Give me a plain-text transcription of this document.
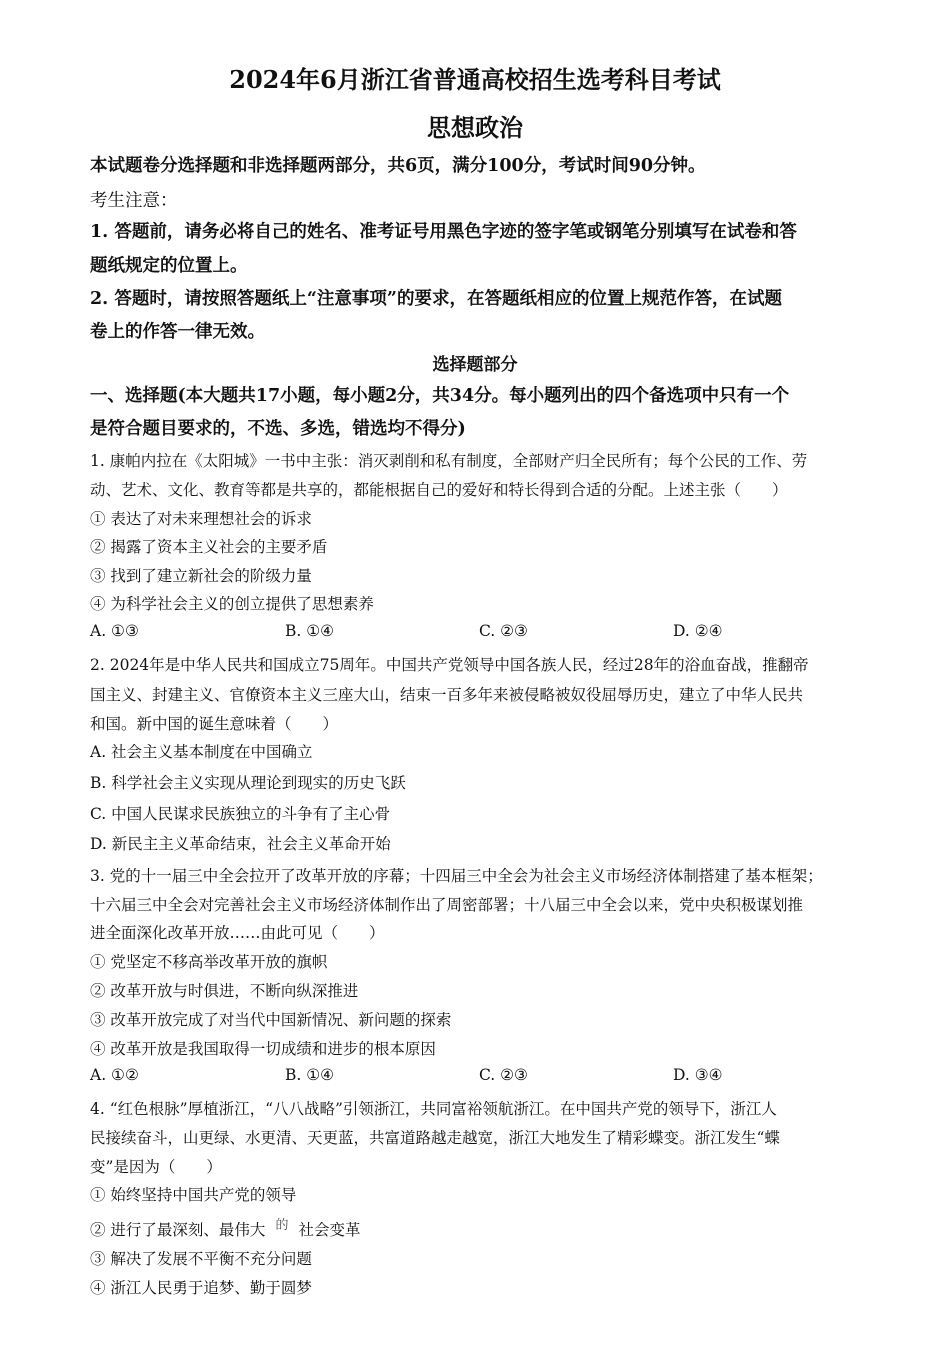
2024年6月浙江省普通高校招生选考科目考试
思想政治
本试题卷分选择题和非选择题两部分，共6页，满分100分，考试时间90分钟。
考生注意：
1. 答题前，请务必将自己的姓名、准考证号用黑色字迹的签字笔或钢笔分别填写在试卷和答
题纸规定的位置上。
2. 答题时，请按照答题纸上“注意事项”的要求，在答题纸相应的位置上规范作答，在试题
卷上的作答一律无效。
选择题部分
一、选择题(本大题共17小题，每小题2分，共34分。每小题列出的四个备选项中只有一个
是符合题目要求的，不选、多选，错选均不得分)
1. 康帕内拉在《太阳城》一书中主张：消灭剥削和私有制度，全部财产归全民所有；每个公民的工作、劳
动、艺术、文化、教育等都是共享的，都能根据自己的爱好和特长得到合适的分配。上述主张（　　）
① 表达了对未来理想社会的诉求
② 揭露了资本主义社会的主要矛盾
③ 找到了建立新社会的阶级力量
④ 为科学社会主义的创立提供了思想素养
A. ①③	B. ①④	C. ②③	D. ②④
2. 2024年是中华人民共和国成立75周年。中国共产党领导中国各族人民，经过28年的浴血奋战，推翻帝
国主义、封建主义、官僚资本主义三座大山，结束一百多年来被侵略被奴役屈辱历史，建立了中华人民共
和国。新中国的诞生意味着（　　）
A. 社会主义基本制度在中国确立
B. 科学社会主义实现从理论到现实的历史飞跃
C. 中国人民谋求民族独立的斗争有了主心骨
D. 新民主主义革命结束，社会主义革命开始
3. 党的十一届三中全会拉开了改革开放的序幕；十四届三中全会为社会主义市场经济体制搭建了基本框架；
十六届三中全会对完善社会主义市场经济体制作出了周密部署；十八届三中全会以来，党中央积极谋划推
进全面深化改革开放……由此可见（　　）
① 党坚定不移高举改革开放的旗帜
② 改革开放与时俱进，不断向纵深推进
③ 改革开放完成了对当代中国新情况、新问题的探索
④ 改革开放是我国取得一切成绩和进步的根本原因
A. ①②	B. ①④	C. ②③	D. ③④
4. “红色根脉”厚植浙江，“八八战略”引领浙江，共同富裕领航浙江。在中国共产党的领导下，浙江人
民接续奋斗，山更绿、水更清、天更蓝，共富道路越走越宽，浙江大地发生了精彩蝶变。浙江发生“蝶
变”是因为（　　）
① 始终坚持中国共产党的领导
② 进行了最深刻、最伟大 $^的$ 社会变革
③ 解决了发展不平衡不充分问题
④ 浙江人民勇于追梦、勤于圆梦
